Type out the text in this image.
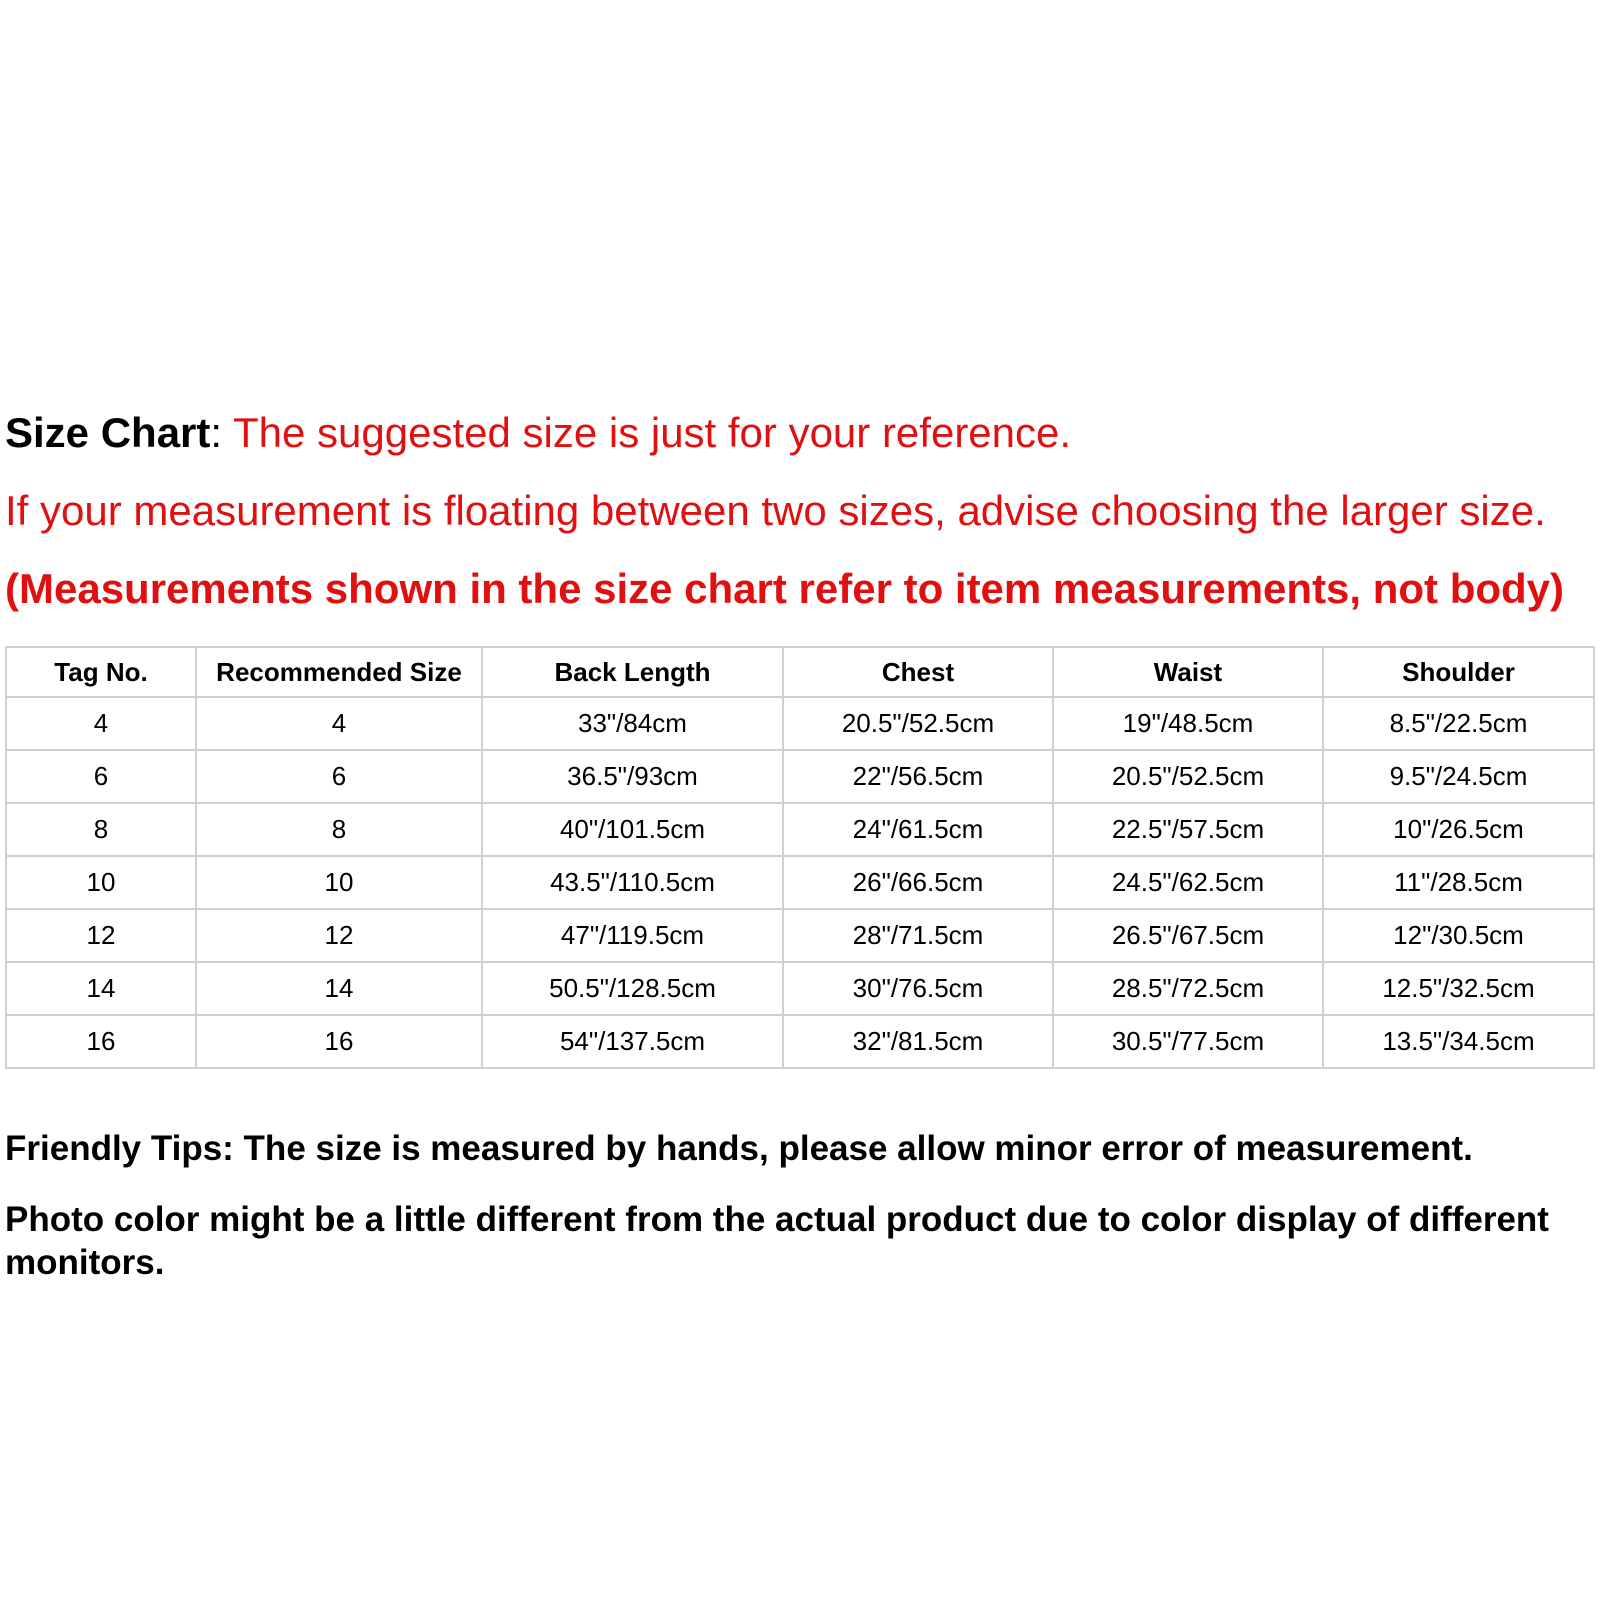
Size Chart: The suggested size is just for your reference.
If your measurement is floating between two sizes, advise choosing the larger size.
(Measurements shown in the size chart refer to item measurements, not body)
Tag No.	Recommended Size	Back Length	Chest	Waist	Shoulder
4	4	33"/84cm	20.5"/52.5cm	19"/48.5cm	8.5"/22.5cm
6	6	36.5"/93cm	22"/56.5cm	20.5"/52.5cm	9.5"/24.5cm
8	8	40"/101.5cm	24"/61.5cm	22.5"/57.5cm	10"/26.5cm
10	10	43.5"/110.5cm	26"/66.5cm	24.5"/62.5cm	11"/28.5cm
12	12	47"/119.5cm	28"/71.5cm	26.5"/67.5cm	12"/30.5cm
14	14	50.5"/128.5cm	30"/76.5cm	28.5"/72.5cm	12.5"/32.5cm
16	16	54"/137.5cm	32"/81.5cm	30.5"/77.5cm	13.5"/34.5cm
Friendly Tips: The size is measured by hands, please allow minor error of measurement.
Photo color might be a little different from the actual product due to color display of different monitors.
